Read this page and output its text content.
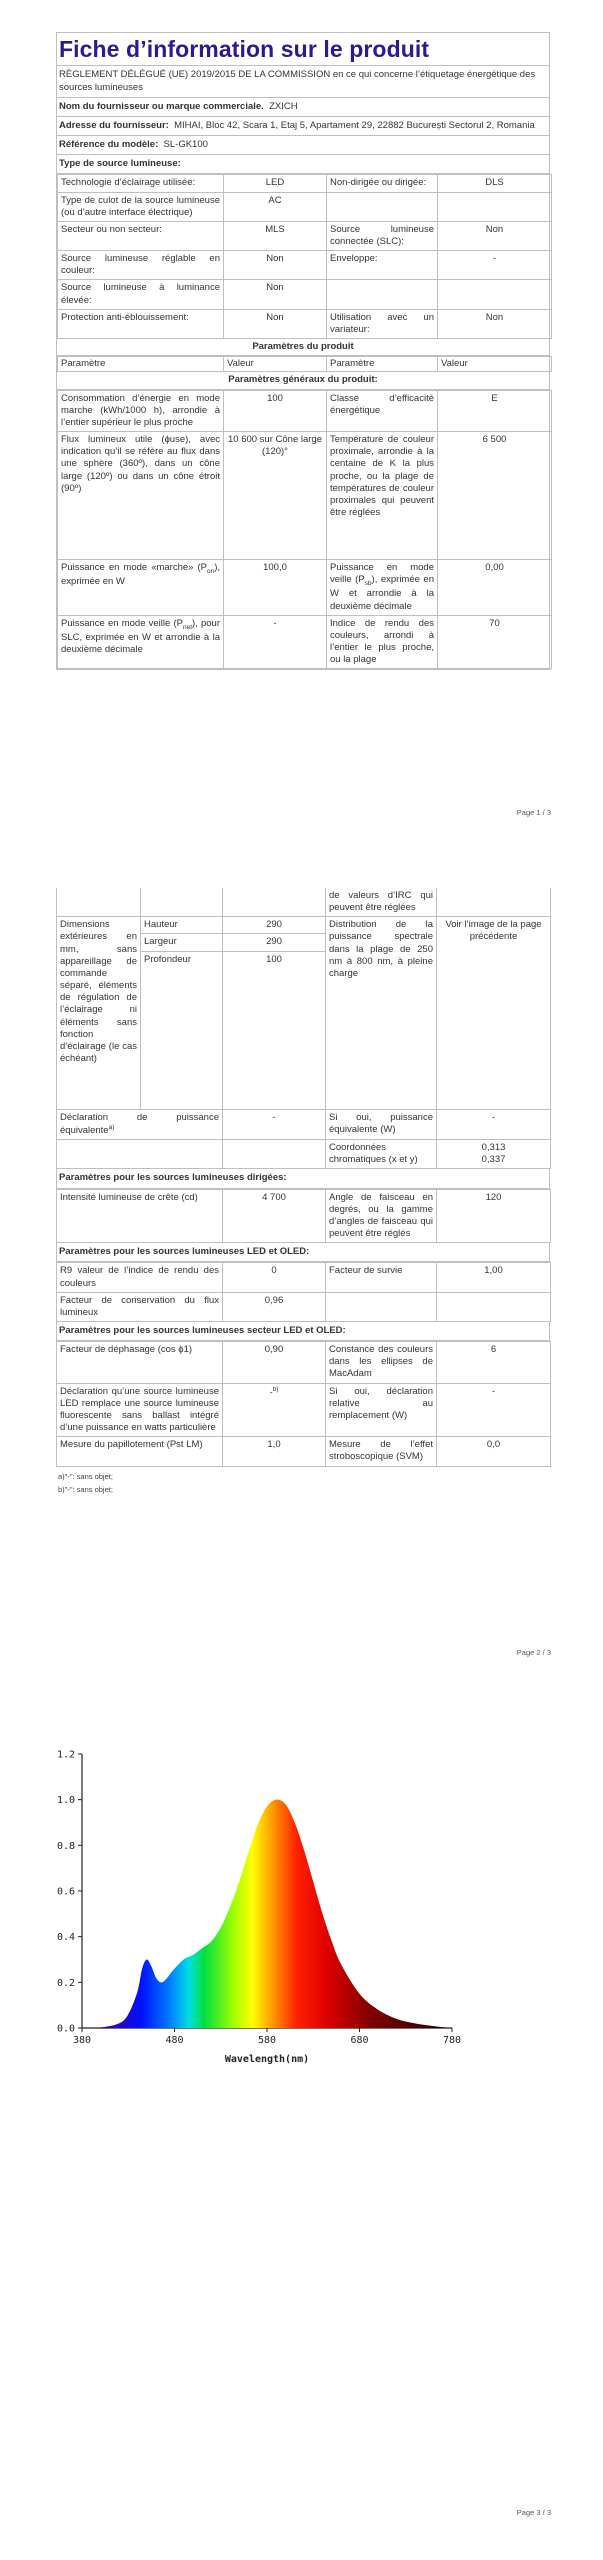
Fiche d’information sur le produit
RÈGLEMENT DÉLÉGUÉ (UE) 2019/2015 DE LA COMMISSION en ce qui concerne l’étiquetage énergétique des sources lumineuses
Nom du fournisseur ou marque commerciale. ZXICH
Adresse du fournisseur: MIHAI, Bloc 42, Scara 1, Etaj 5, Apartament 29, 22882 București Sectorul 2, Romania
Référence du modèle: SL-GK100
Type de source lumineuse:
Technologie d’éclairage utilisée:	LED	Non-dirigée ou dirigée:	DLS
Type de culot de la source lumineuse (ou d’autre interface électrique)	AC		
Secteur ou non secteur:	MLS	Source lumineuse connectée (SLC):	Non
Source lumineuse réglable en couleur:	Non	Enveloppe:	-
Source lumineuse à luminance élevée:	Non		
Protection anti-éblouissement:	Non	Utilisation avec un variateur:	Non
Paramètres du produit
Paramètre	Valeur	Paramètre	Valeur
Paramètres généraux du produit:
Consommation d’énergie en mode marche (kWh/1000 h), arrondie à l’entier supérieur le plus proche	100	Classe d’efficacité énergétique	E
Flux lumineux utile (ɸuse), avec indication qu’il se réfère au flux dans une sphère (360º), dans un cône large (120º) ou dans un cône étroit (90º)	10 600 sur Cône large (120)°	Température de couleur proximale, arrondie à la centaine de K la plus proche, ou la plage de températures de couleur proximales qui peuvent être réglées	6 500
Puissance en mode «marche» $(P_{on})$, exprimée en W	100,0	Puissance en mode veille $(P_{sb})$, exprimée en W et arrondie à la deuxième décimale	0,00
Puissance en mode veille $(P_{net})$, pour SLC, exprimée en W et arrondie à la deuxième décimale	-	Indice de rendu des couleurs, arrondi à l’entier le plus proche, ou la plage	70
Page 1 / 3
			de valeurs d’IRC qui peuvent être réglées	
Dimensions extérieures en mm, sans appareillage de commande séparé, éléments de régulation de l’éclairage ni éléments sans fonction d’éclairage (le cas échéant)	Hauteur	290	Distribution de la puissance spectrale dans la plage de 250 nm à 800 nm, à pleine charge	Voir l’image de la page précédente
	Largeur	290		
	Profondeur	100		
Déclaration de puissance équivalente$^{a)}$		-	Si oui, puissance équivalente (W)	-
			Coordonnées chromatiques (x et y)	0,313
0,337
Paramètres pour les sources lumineuses dirigées:
Intensité lumineuse de crête (cd)	4 700	Angle de faisceau en degrés, ou la gamme d’angles de faisceau qui peuvent être réglés	120
Paramètres pour les sources lumineuses LED et OLED:
R9 valeur de l’indice de rendu des couleurs	0	Facteur de survie	1,00
Facteur de conservation du flux lumineux	0,96		
Paramètres pour les sources lumineuses secteur LED et OLED:
Facteur de déphasage (cos ϕ1)	0,90	Constance des couleurs dans les ellipses de MacAdam	6
Déclaration qu’une source lumineuse LED remplace une source lumineuse fluorescente sans ballast intégré d’une puissance en watts particulière	-$^{b)}$	Si oui, déclaration relative au remplacement (W)	-
Mesure du papillotement (Pst LM)	1,0	Mesure de l’effet stroboscopique (SVM)	0,0
a)"-": sans objet;
b)"-": sans objet;
Page 2 / 3
0.0
0.2
0.4
0.6
0.8
1.0
1.2
380	480	580	680	780
Wavelength(nm)
Page 3 / 3
